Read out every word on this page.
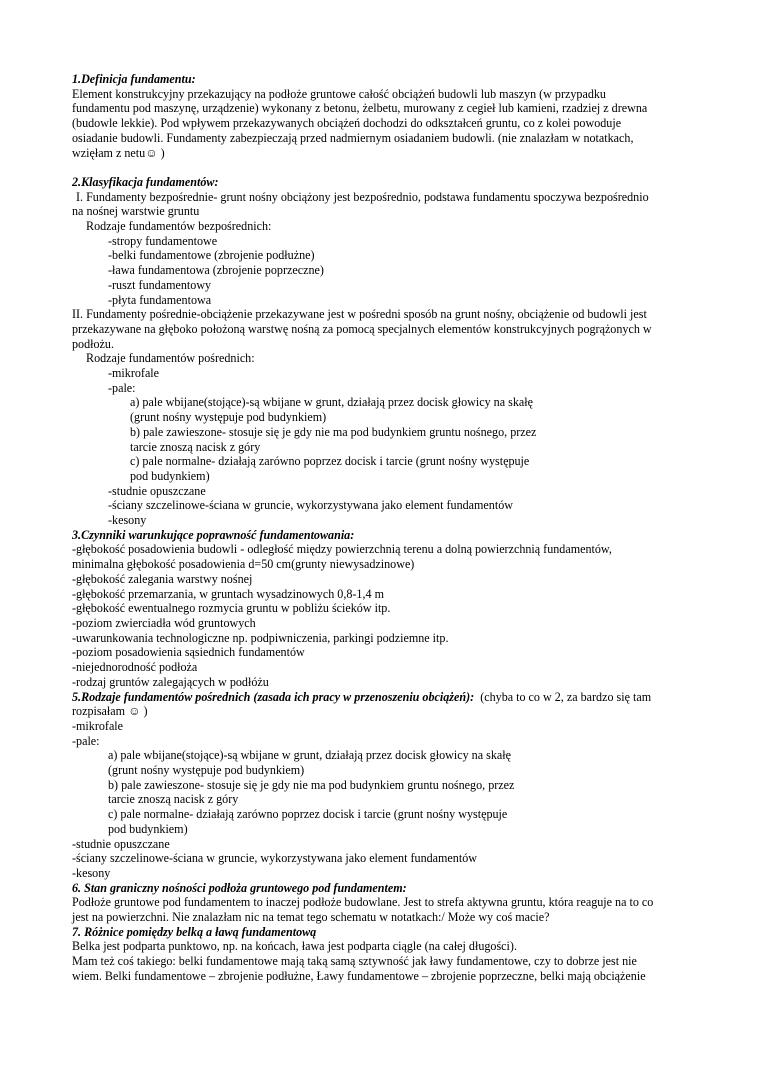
1.Definicja fundamentu:
Element konstrukcyjny przekazujący na podłoże gruntowe całość obciążeń budowli lub maszyn (w przypadku
fundamentu pod maszynę, urządzenie) wykonany z betonu, żelbetu, murowany z cegieł lub kamieni, rzadziej z drewna
(budowle lekkie). Pod wpływem przekazywanych obciążeń dochodzi do odkształceń gruntu, co z kolei powoduje
osiadanie budowli. Fundamenty zabezpieczają przed nadmiernym osiadaniem budowli. (nie znalazłam w notatkach,
wzięłam z netu☺ )
2.Klasyfikacja fundamentów:
I. Fundamenty bezpośrednie- grunt nośny obciążony jest bezpośrednio, podstawa fundamentu spoczywa bezpośrednio
na nośnej warstwie gruntu
Rodzaje fundamentów bezpośrednich:
-stropy fundamentowe
-belki fundamentowe (zbrojenie podłużne)
-ława fundamentowa (zbrojenie poprzeczne)
-ruszt fundamentowy
-płyta fundamentowa
II. Fundamenty pośrednie-obciążenie przekazywane jest w pośredni sposób na grunt nośny, obciążenie od budowli jest
przekazywane na głęboko położoną warstwę nośną za pomocą specjalnych elementów konstrukcyjnych pogrążonych w
podłożu.
Rodzaje fundamentów pośrednich:
-mikrofale
-pale:
a) pale wbijane(stojące)-są wbijane w grunt, działają przez docisk głowicy na skałę
(grunt nośny występuje pod budynkiem)
b) pale zawieszone- stosuje się je gdy nie ma pod budynkiem gruntu nośnego, przez
tarcie znoszą nacisk z góry
c) pale normalne- działają zarówno poprzez docisk i tarcie (grunt nośny występuje
pod budynkiem)
-studnie opuszczane
-ściany szczelinowe-ściana w gruncie, wykorzystywana jako element fundamentów
-kesony
3.Czynniki warunkujące poprawność fundamentowania:
-głębokość posadowienia budowli - odległość między powierzchnią terenu a dolną powierzchnią fundamentów,
minimalna głębokość posadowienia d=50 cm(grunty niewysadzinowe)
-głębokość zalegania warstwy nośnej
-głębokość przemarzania, w gruntach wysadzinowych 0,8-1,4 m
-głębokość ewentualnego rozmycia gruntu w pobliżu ścieków itp.
-poziom zwierciadła wód gruntowych
-uwarunkowania technologiczne np. podpiwniczenia, parkingi podziemne itp.
-poziom posadowienia sąsiednich fundamentów
-niejednorodność podłoża
-rodzaj gruntów zalegających w podłóżu
5.Rodzaje fundamentów pośrednich (zasada ich pracy w przenoszeniu obciążeń):  (chyba to co w 2, za bardzo się tam
rozpisałam ☺ )
-mikrofale
-pale:
a) pale wbijane(stojące)-są wbijane w grunt, działają przez docisk głowicy na skałę
(grunt nośny występuje pod budynkiem)
b) pale zawieszone- stosuje się je gdy nie ma pod budynkiem gruntu nośnego, przez
tarcie znoszą nacisk z góry
c) pale normalne- działają zarówno poprzez docisk i tarcie (grunt nośny występuje
pod budynkiem)
-studnie opuszczane
-ściany szczelinowe-ściana w gruncie, wykorzystywana jako element fundamentów
-kesony
6. Stan graniczny nośności podłoża gruntowego pod fundamentem:
Podłoże gruntowe pod fundamentem to inaczej podłoże budowlane. Jest to strefa aktywna gruntu, która reaguje na to co
jest na powierzchni. Nie znalazłam nic na temat tego schematu w notatkach:/ Może wy coś macie?
7. Różnice pomiędzy belką a ławą fundamentową
Belka jest podparta punktowo, np. na końcach, ława jest podparta ciągle (na całej długości).
Mam też coś takiego: belki fundamentowe mają taką samą sztywność jak ławy fundamentowe, czy to dobrze jest nie
wiem. Belki fundamentowe – zbrojenie podłużne, Ławy fundamentowe – zbrojenie poprzeczne, belki mają obciążenie
